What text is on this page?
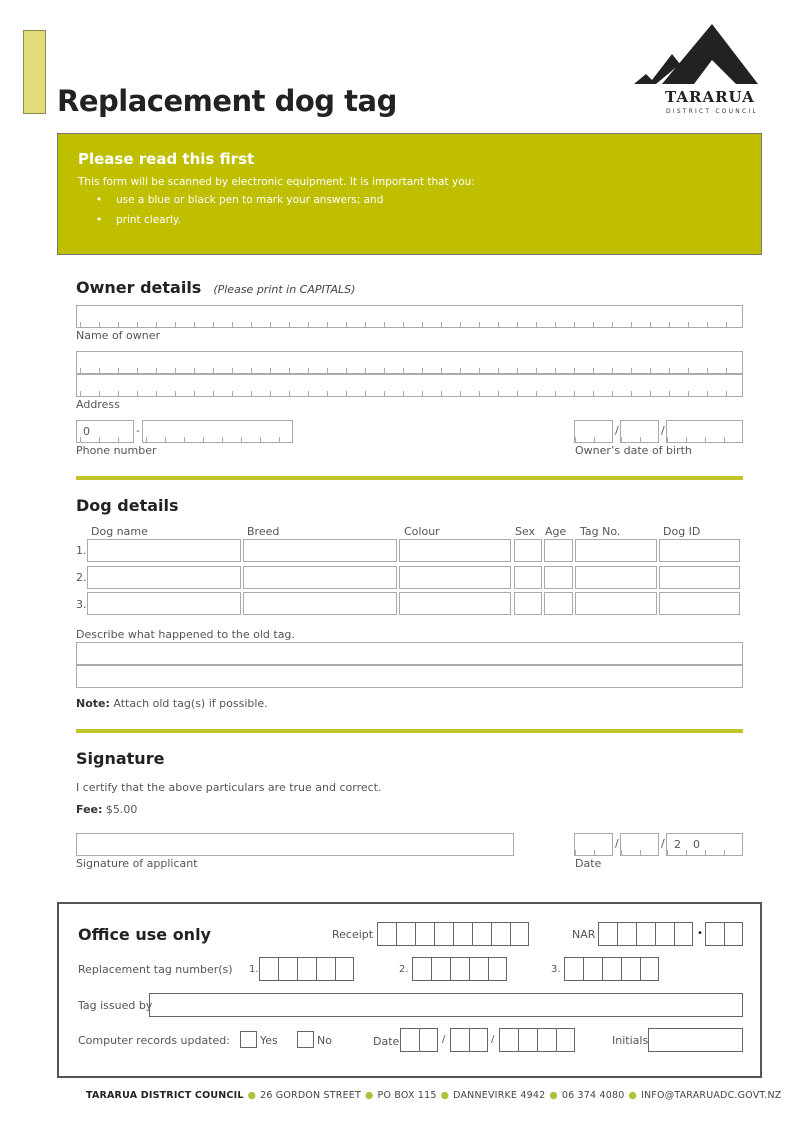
Replacement dog tag	TARARUA
DISTRICT COUNCIL
Please read this first

This form will be scanned by electronic equipment. It is important that you:

• use a blue or black pen to mark your answers; and
• print clearly.
Owner details (Please print in CAPITALS)
Name of owner
Address
0	-
Phone number
/	/
Owner’s date of birth
Dog details
Dog name	Breed	Colour	Sex Age Tag No.	Dog ID
1.
2.
3.
Describe what happened to the old tag.
Note: Attach old tag(s) if possible.
Signature
I certify that the above particulars are true and correct.
Fee: $5.00
Signature of applicant
/	/ 2 0
Date
Office use only	Receipt	NAR	•
Replacement tag number(s) 1.	2.	3.
Tag issued by
Computer records updated:	Yes	No	Date	/	/	Initials
TARARUA DISTRICT COUNCIL ● 26 GORDON STREET ● PO BOX 115 ● DANNEVIRKE 4942 ● 06 374 4080 ● INFO@TARARUADC.GOVT.NZ
